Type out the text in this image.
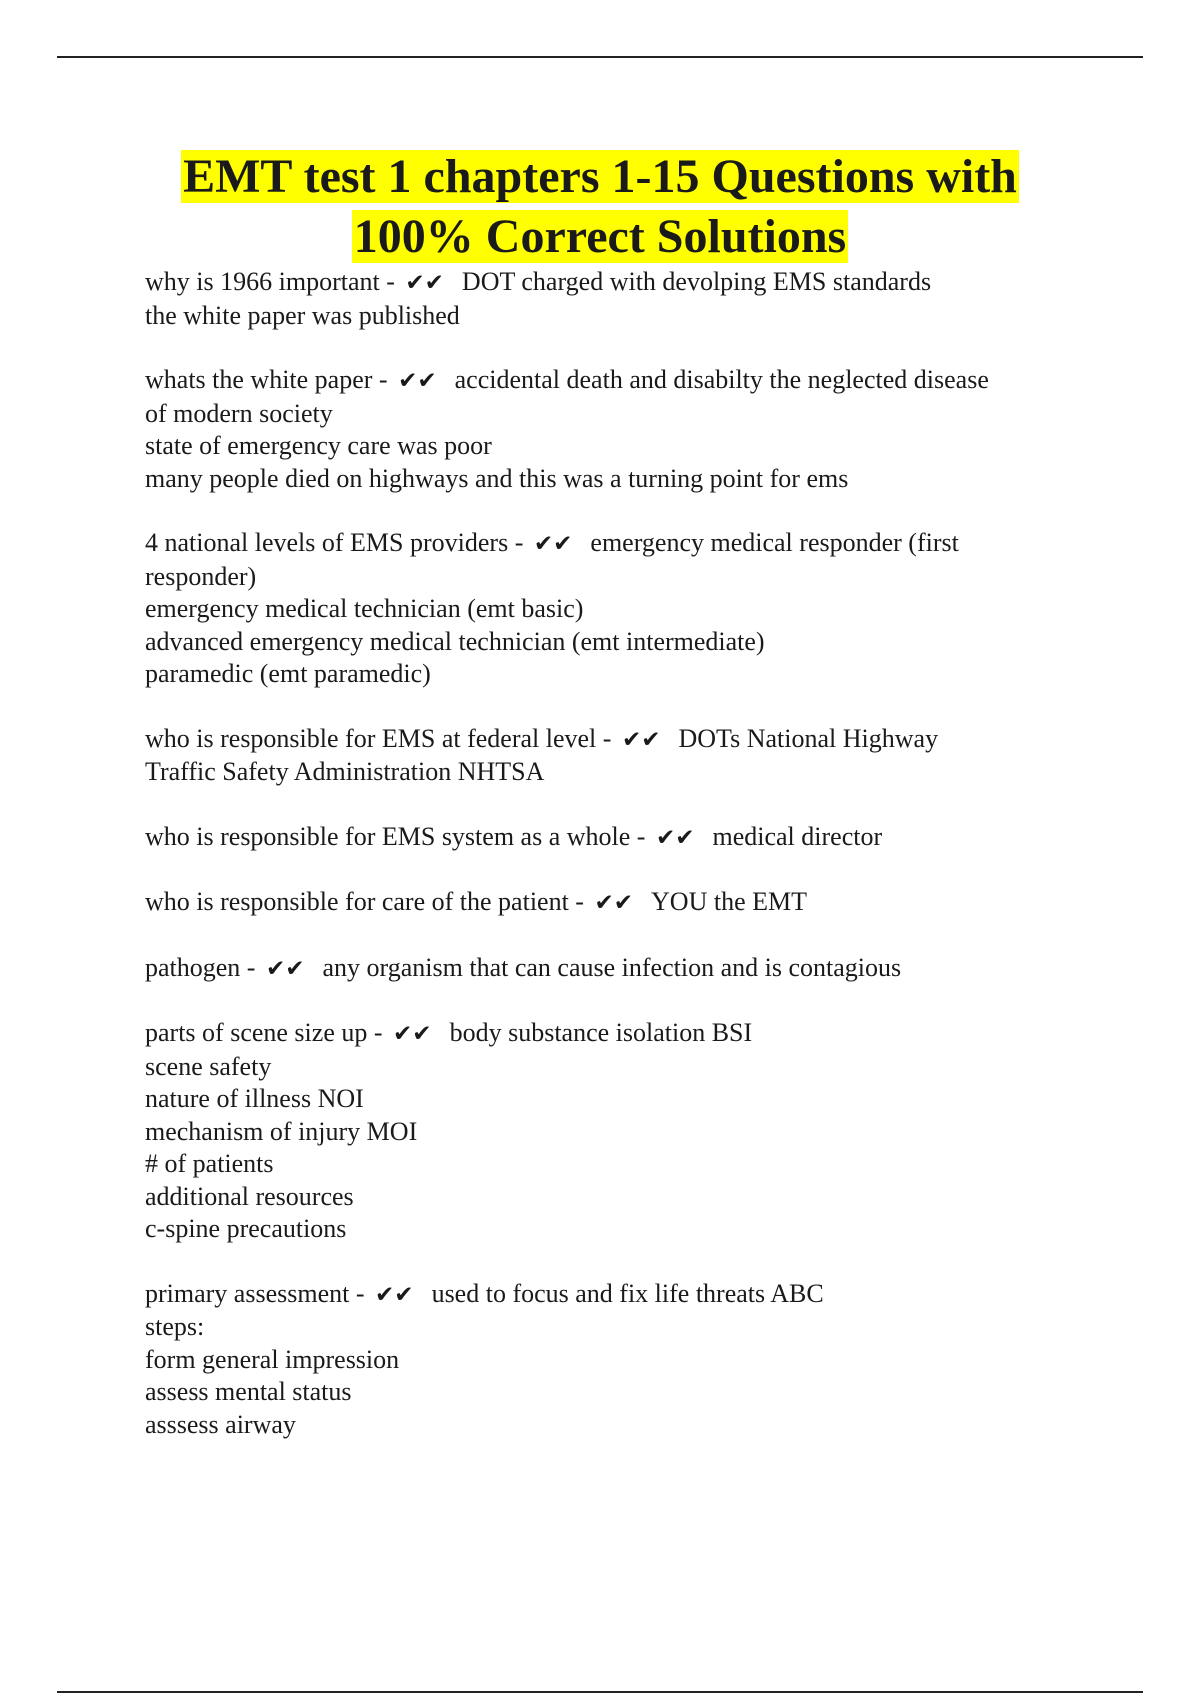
EMT test 1 chapters 1-15 Questions with
100% Correct Solutions
why is 1966 important - ✔✔ DOT charged with devolping EMS standards
the white paper was published
whats the white paper - ✔✔ accidental death and disabilty the neglected disease
of modern society
state of emergency care was poor
many people died on highways and this was a turning point for ems
4 national levels of EMS providers - ✔✔ emergency medical responder (first
responder)
emergency medical technician (emt basic)
advanced emergency medical technician (emt intermediate)
paramedic (emt paramedic)
who is responsible for EMS at federal level - ✔✔ DOTs National Highway
Traffic Safety Administration NHTSA
who is responsible for EMS system as a whole - ✔✔ medical director
who is responsible for care of the patient - ✔✔ YOU the EMT
pathogen - ✔✔ any organism that can cause infection and is contagious
parts of scene size up - ✔✔ body substance isolation BSI
scene safety
nature of illness NOI
mechanism of injury MOI
# of patients
additional resources
c-spine precautions
primary assessment - ✔✔ used to focus and fix life threats ABC
steps:
form general impression
assess mental status
asssess airway
